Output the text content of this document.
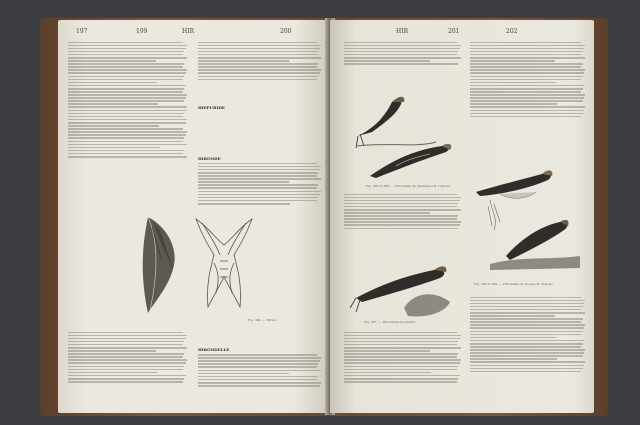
197	199	HIR	200
HIPPURIDE
HIRONDE
Fig. 384. — Hirudo
HIRONDELLE
HIR	201	202
Fig. 385 et 386. — Hirondelle de cheminée (H. rustica)
Fig. 388 et 389. — Hirondelle de rivage (H. riparia)
Fig. 387. — Hirondelle de fenêtre
